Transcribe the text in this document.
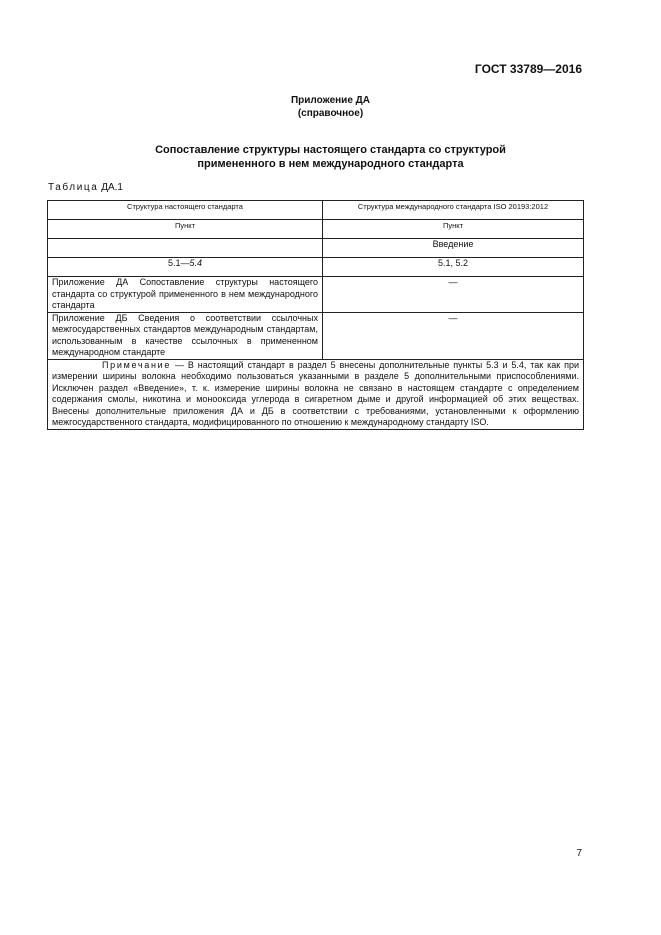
ГОСТ 33789—2016
Приложение ДА
(справочное)
Сопоставление структуры настоящего стандарта со структурой
примененного в нем международного стандарта
Таблица ДА.1
Структура настоящего стандарта	Структура международного стандарта ISO 20193:2012
Пункт	Пункт
	Введение
5.1—5.4	5.1, 5.2
Приложение ДА Сопоставление структуры настоящего стандарта со структурой примененного в нем международного стандарта	—
Приложение ДБ Сведения о соответствии ссылочных межгосударственных стандартов международным стандартам, использованным в качестве ссылочных в примененном международном стандарте	—
Примечание — В настоящий стандарт в раздел 5 внесены дополнительные пункты 5.3 и 5.4, так как при измерении ширины волокна необходимо пользоваться указанными в разделе 5 дополнительными приспособлениями. Исключен раздел «Введение», т. к. измерение ширины волокна не связано в настоящем стандарте с определением содержания смолы, никотина и монооксида углерода в сигаретном дыме и другой информацией об этих веществах. Внесены дополнительные приложения ДА и ДБ в соответствии с требованиями, установленными к оформлению межгосударственного стандарта, модифицированного по отношению к международному стандарту ISO.	
7
